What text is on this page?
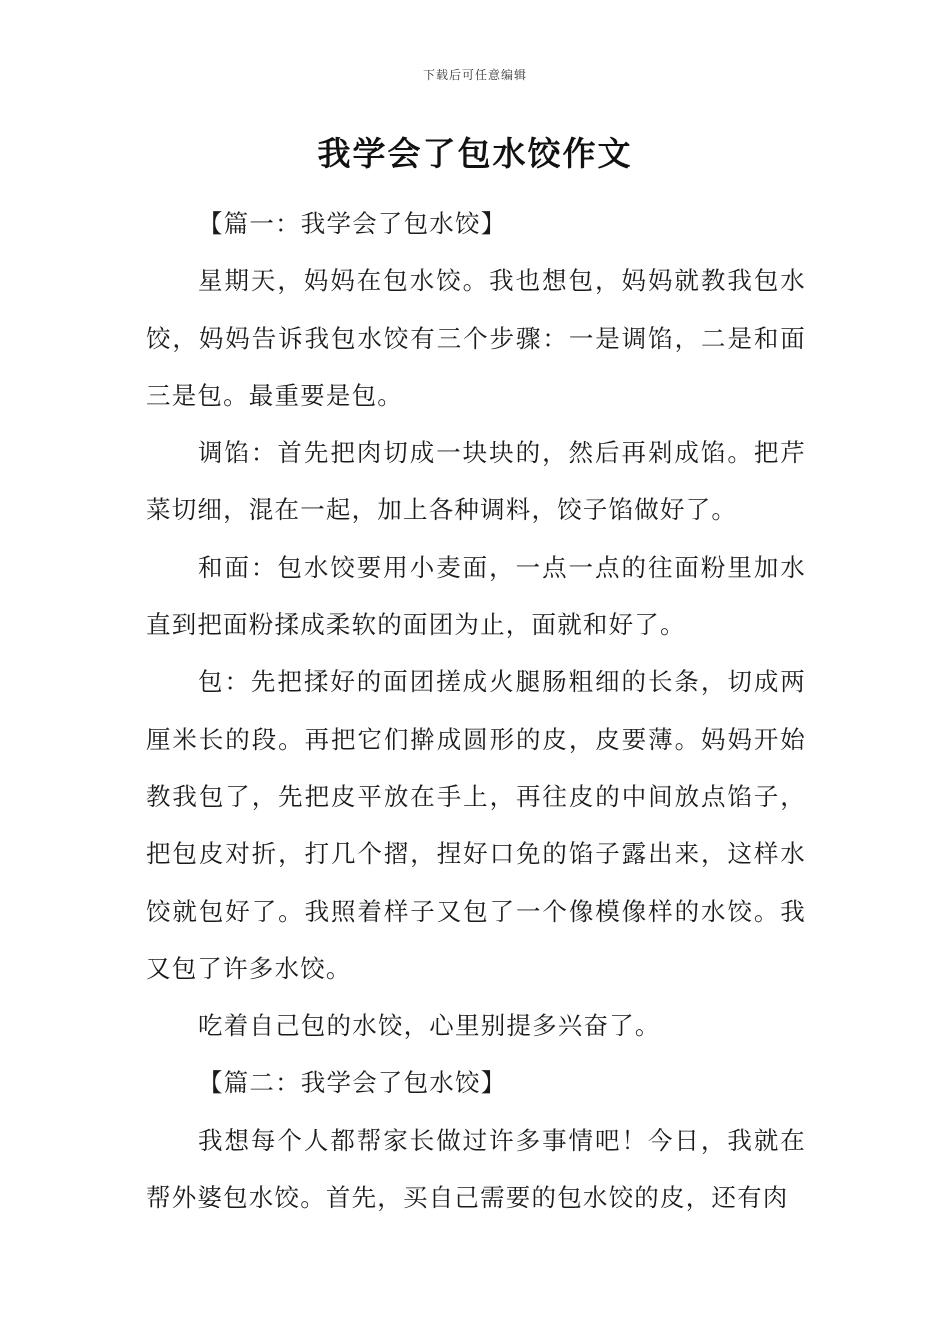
下载后可任意编辑
我学会了包水饺作文

【篇一：我学会了包水饺】

星期天，妈妈在包水饺。我也想包，妈妈就教我包水饺，妈妈告诉我包水饺有三个步骤：一是调馅，二是和面三是包。最重要是包。

调馅：首先把肉切成一块块的，然后再剁成馅。把芹菜切细，混在一起，加上各种调料，饺子馅做好了。

和面：包水饺要用小麦面，一点一点的往面粉里加水直到把面粉揉成柔软的面团为止，面就和好了。

包：先把揉好的面团搓成火腿肠粗细的长条，切成两厘米长的段。再把它们擀成圆形的皮，皮要薄。妈妈开始教我包了，先把皮平放在手上，再往皮的中间放点馅子，把包皮对折，打几个摺，捏好口免的馅子露出来，这样水饺就包好了。我照着样子又包了一个像模像样的水饺。我又包了许多水饺。

吃着自己包的水饺，心里别提多兴奋了。

【篇二：我学会了包水饺】

我想每个人都帮家长做过许多事情吧！今日，我就在帮外婆包水饺。首先，买自己需要的包水饺的皮，还有肉
